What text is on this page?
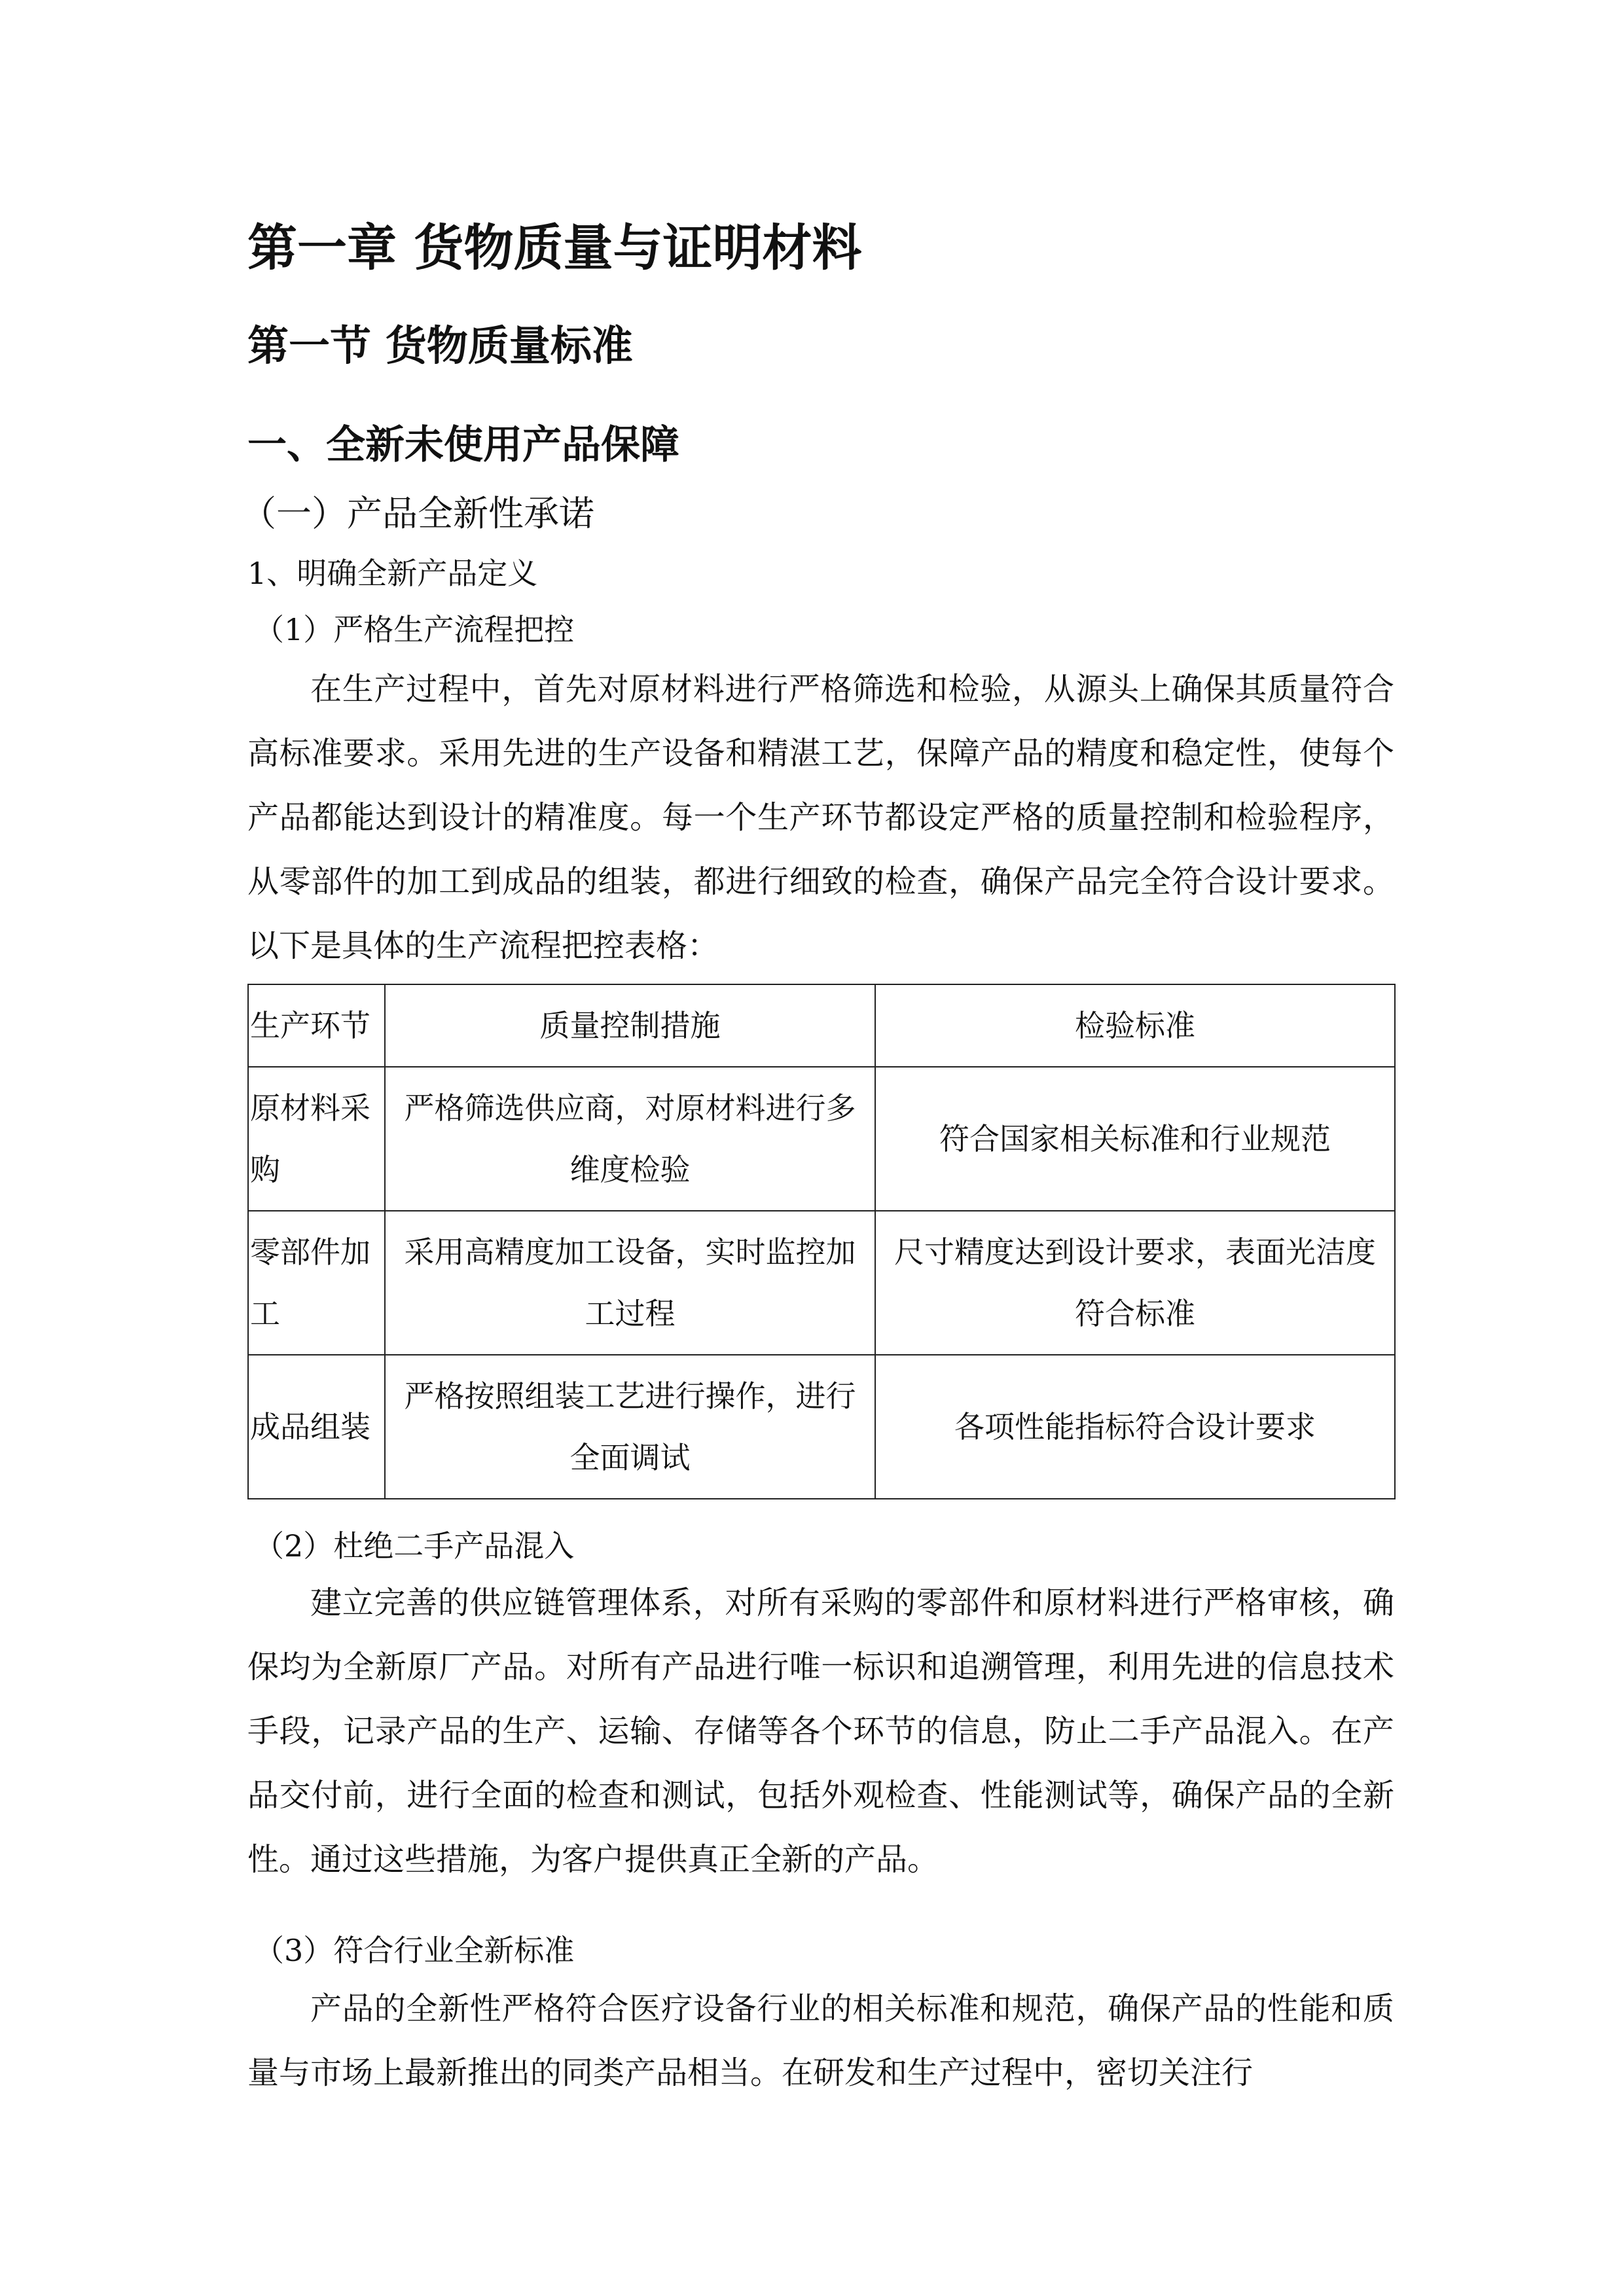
第一章 货物质量与证明材料
第一节 货物质量标准
一、全新未使用产品保障
（一）产品全新性承诺
1、明确全新产品定义
（1）严格生产流程把控
在生产过程中，首先对原材料进行严格筛选和检验，从源头上确保其质量符合高标准要求。采用先进的生产设备和精湛工艺，保障产品的精度和稳定性，使每个产品都能达到设计的精准度。每一个生产环节都设定严格的质量控制和检验程序，从零部件的加工到成品的组装，都进行细致的检查，确保产品完全符合设计要求。以下是具体的生产流程把控表格：
生产环节	质量控制措施	检验标准
原材料采购	严格筛选供应商，对原材料进行多维度检验	符合国家相关标准和行业规范
零部件加工	采用高精度加工设备，实时监控加工过程	尺寸精度达到设计要求，表面光洁度符合标准
成品组装	严格按照组装工艺进行操作，进行全面调试	各项性能指标符合设计要求
（2）杜绝二手产品混入
建立完善的供应链管理体系，对所有采购的零部件和原材料进行严格审核，确保均为全新原厂产品。对所有产品进行唯一标识和追溯管理，利用先进的信息技术手段，记录产品的生产、运输、存储等各个环节的信息，防止二手产品混入。在产品交付前，进行全面的检查和测试，包括外观检查、性能测试等，确保产品的全新性。通过这些措施，为客户提供真正全新的产品。
（3）符合行业全新标准
产品的全新性严格符合医疗设备行业的相关标准和规范，确保产品的性能和质量与市场上最新推出的同类产品相当。在研发和生产过程中，密切关注行
